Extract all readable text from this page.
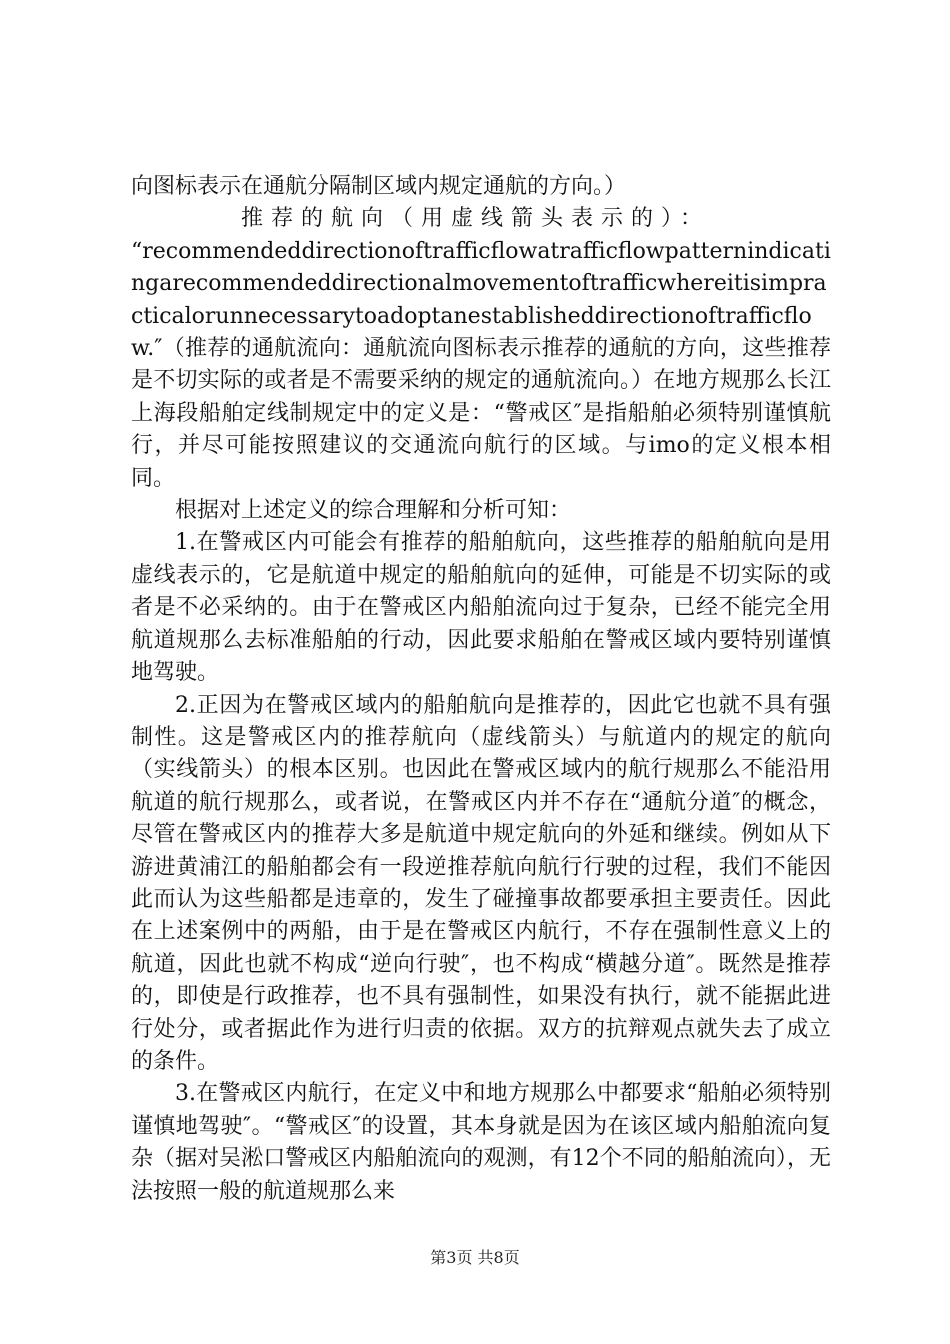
向图标表示在通航分隔制区域内规定通航的方向。）

推荐的航向（用虚线箭头表示的）：

“recommendeddirectionoftrafficflowatrafficflowpatternindicatingarecommendeddirectionalmovementoftrafficwhereitisimpracticalorunnecessarytoadoptanestablisheddirectionoftrafficflow.″（推荐的通航流向：通航流向图标表示推荐的通航的方向，这些推荐是不切实际的或者是不需要采纳的规定的通航流向。）在地方规那么长江上海段船舶定线制规定中的定义是：“警戒区″是指船舶必须特别谨慎航行，并尽可能按照建议的交通流向航行的区域。与imo的定义根本相同。

根据对上述定义的综合理解和分析可知：

1.在警戒区内可能会有推荐的船舶航向，这些推荐的船舶航向是用虚线表示的，它是航道中规定的船舶航向的延伸，可能是不切实际的或者是不必采纳的。由于在警戒区内船舶流向过于复杂，已经不能完全用航道规那么去标准船舶的行动，因此要求船舶在警戒区域内要特别谨慎地驾驶。

2.正因为在警戒区域内的船舶航向是推荐的，因此它也就不具有强制性。这是警戒区内的推荐航向（虚线箭头）与航道内的规定的航向（实线箭头）的根本区别。也因此在警戒区域内的航行规那么不能沿用航道的航行规那么，或者说，在警戒区内并不存在“通航分道″的概念，尽管在警戒区内的推荐大多是航道中规定航向的外延和继续。例如从下游进黄浦江的船舶都会有一段逆推荐航向航行行驶的过程，我们不能因此而认为这些船都是违章的，发生了碰撞事故都要承担主要责任。因此在上述案例中的两船，由于是在警戒区内航行，不存在强制性意义上的航道，因此也就不构成“逆向行驶″，也不构成“横越分道″。既然是推荐的，即使是行政推荐，也不具有强制性，如果没有执行，就不能据此进行处分，或者据此作为进行归责的依据。双方的抗辩观点就失去了成立的条件。

3.在警戒区内航行，在定义中和地方规那么中都要求“船舶必须特别谨慎地驾驶″。“警戒区″的设置，其本身就是因为在该区域内船舶流向复杂（据对吴淞口警戒区内船舶流向的观测，有12个不同的船舶流向），无法按照一般的航道规那么来

第3页 共8页
